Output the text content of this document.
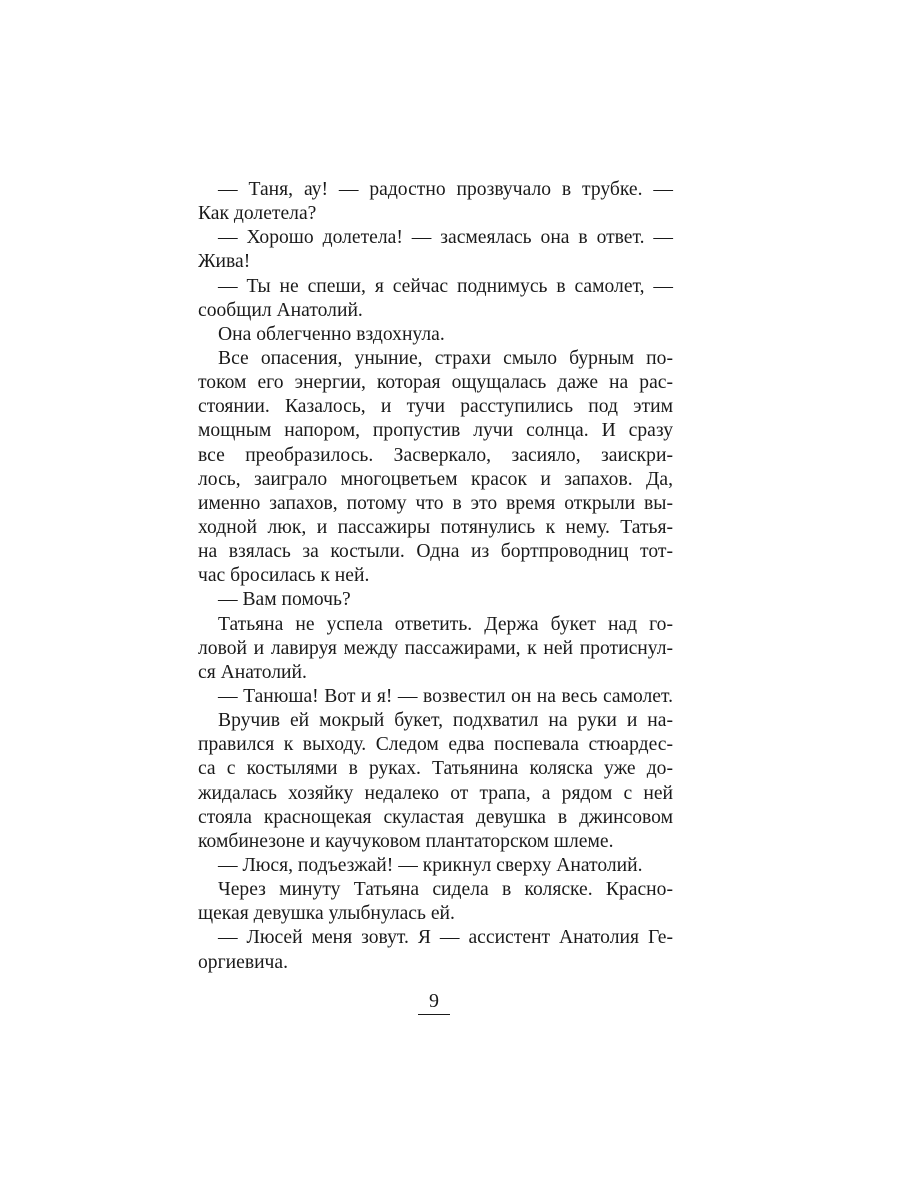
— Таня, ау! — радостно прозвучало в трубке. —
Как долетела?
— Хорошо долетела! — засмеялась она в ответ. —
Жива!
— Ты не спеши, я сейчас поднимусь в самолет, —
сообщил Анатолий.
Она облегченно вздохнула.
Все опасения, уныние, страхи смыло бурным по-
током его энергии, которая ощущалась даже на рас-
стоянии. Казалось, и тучи расступились под этим
мощным напором, пропустив лучи солнца. И сразу
все преобразилось. Засверкало, засияло, заискри-
лось, заиграло многоцветьем красок и запахов. Да,
именно запахов, потому что в это время открыли вы-
ходной люк, и пассажиры потянулись к нему. Татья-
на взялась за костыли. Одна из бортпроводниц тот-
час бросилась к ней.
— Вам помочь?
Татьяна не успела ответить. Держа букет над го-
ловой и лавируя между пассажирами, к ней протиснул-
ся Анатолий.
— Танюша! Вот и я! — возвестил он на весь самолет.
Вручив ей мокрый букет, подхватил на руки и на-
правился к выходу. Следом едва поспевала стюардес-
са с костылями в руках. Татьянина коляска уже до-
жидалась хозяйку недалеко от трапа, а рядом с ней
стояла краснощекая скуластая девушка в джинсовом
комбинезоне и каучуковом плантаторском шлеме.
— Люся, подъезжай! — крикнул сверху Анатолий.
Через минуту Татьяна сидела в коляске. Красно-
щекая девушка улыбнулась ей.
— Люсей меня зовут. Я — ассистент Анатолия Ге-
оргиевича.
9
